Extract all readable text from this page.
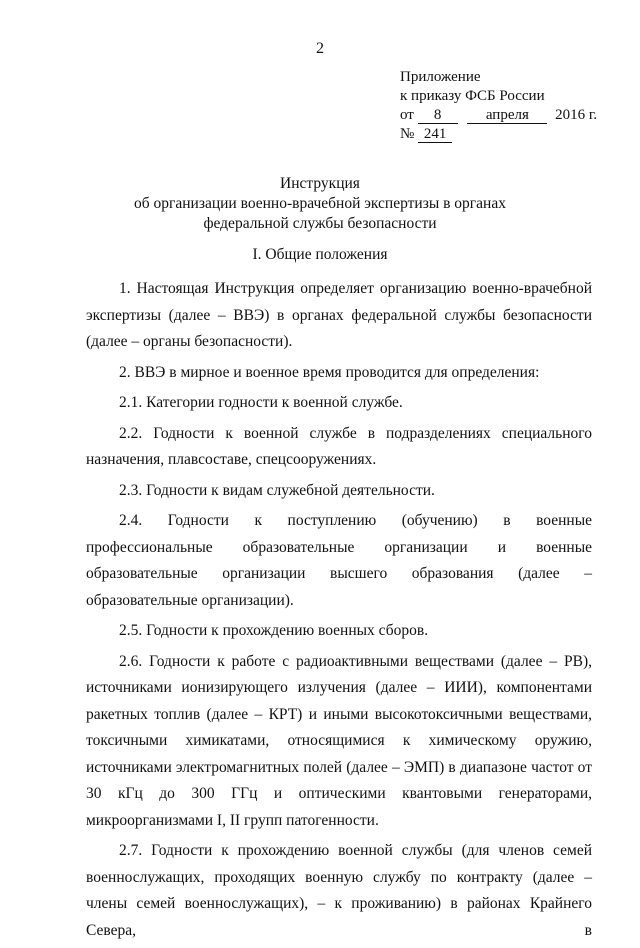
2
Приложение
к приказу ФСБ России
от 8	апреля 2016 г.
№ 241
Инструкция
об организации военно-врачебной экспертизы в органах
федеральной службы безопасности
I. Общие положения

1. Настоящая Инструкция определяет организацию военно-врачебной экспертизы (далее – ВВЭ) в органах федеральной службы безопасности (далее – органы безопасности).

2. ВВЭ в мирное и военное время проводится для определения:

2.1. Категории годности к военной службе.

2.2. Годности к военной службе в подразделениях специального назначения, плавсоставе, спецсооружениях.

2.3. Годности к видам служебной деятельности.

2.4. Годности к поступлению (обучению) в военные профессиональные образовательные организации и военные образовательные организации высшего образования (далее – образовательные организации).

2.5. Годности к прохождению военных сборов.

2.6. Годности к работе с радиоактивными веществами (далее – РВ), источниками ионизирующего излучения (далее – ИИИ), компонентами ракетных топлив (далее – КРТ) и иными высокотоксичными веществами, токсичными химикатами, относящимися к химическому оружию, источниками электромагнитных полей (далее – ЭМП) в диапазоне частот от 30 кГц до 300 ГГц и оптическими квантовыми генераторами, микроорганизмами I, II групп патогенности.

2.7. Годности к прохождению военной службы (для членов семей военнослужащих, проходящих военную службу по контракту (далее – члены семей военнослужащих), – к проживанию) в районах Крайнего Севера, в
